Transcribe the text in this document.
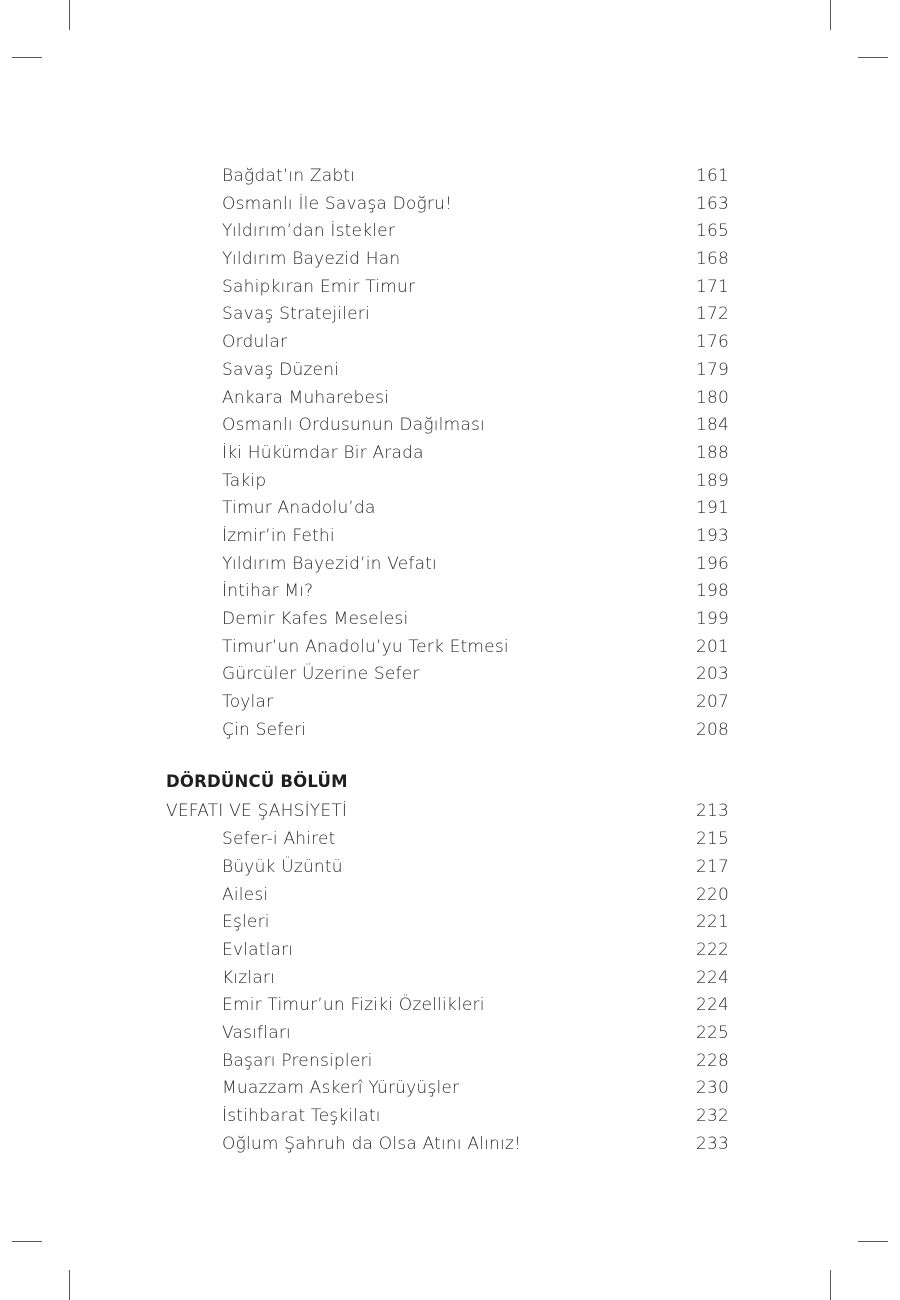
Bağdat’ın Zabtı	161
Osmanlı İle Savaşa Doğru!	163
Yıldırım’dan İstekler	165
Yıldırım Bayezid Han	168
Sahipkıran Emir Timur	171
Savaş Stratejileri	172
Ordular	176
Savaş Düzeni	179
Ankara Muharebesi	180
Osmanlı Ordusunun Dağılması	184
İki Hükümdar Bir Arada	188
Takip	189
Timur Anadolu’da	191
İzmir’in Fethi	193
Yıldırım Bayezid’in Vefatı	196
İntihar Mı?	198
Demir Kafes Meselesi	199
Timur’un Anadolu’yu Terk Etmesi	201
Gürcüler Üzerine Sefer	203
Toylar	207
Çin Seferi	208
DÖRDÜNCÜ BÖLÜM
VEFATI VE ŞAHSİYETİ	213
Sefer-i Ahiret	215
Büyük Üzüntü	217
Ailesi	220
Eşleri	221
Evlatları	222
Kızları	224
Emir Timur’un Fiziki Özellikleri	224
Vasıfları	225
Başarı Prensipleri	228
Muazzam Askerî Yürüyüşler	230
İstihbarat Teşkilatı	232
Oğlum Şahruh da Olsa Atını Alınız!	233
